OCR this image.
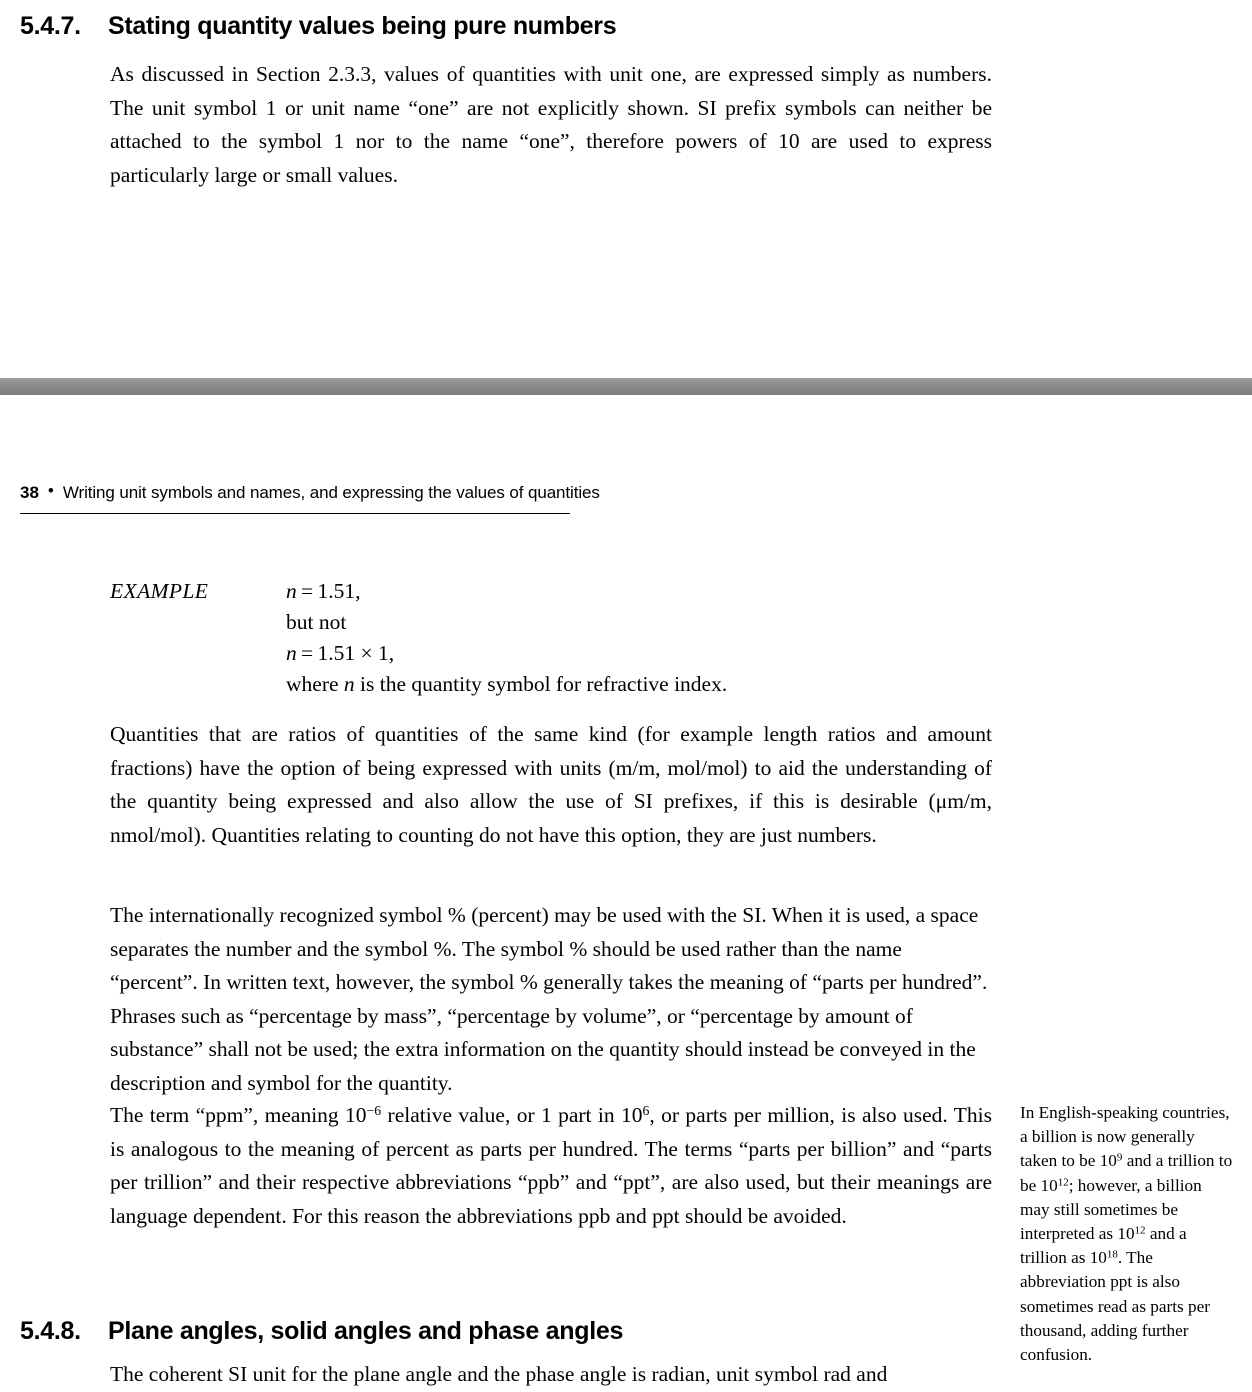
5.4.7.	Stating quantity values being pure numbers
As discussed in Section 2.3.3, values of quantities with unit one, are expressed simply as numbers. The unit symbol 1 or unit name “one” are not explicitly shown. SI prefix symbols can neither be attached to the symbol 1 nor to the name “one”, therefore powers of 10 are used to express particularly large or small values.
38 • Writing unit symbols and names, and expressing the values of quantities
EXAMPLE	n = 1.51,
but not
n = 1.51 × 1,
where n is the quantity symbol for refractive index.
Quantities that are ratios of quantities of the same kind (for example length ratios and amount fractions) have the option of being expressed with units (m/m, mol/mol) to aid the understanding of the quantity being expressed and also allow the use of SI prefixes, if this is desirable (μm/m, nmol/mol). Quantities relating to counting do not have this option, they are just numbers.
The internationally recognized symbol % (percent) may be used with the SI. When it is used, a space separates the number and the symbol %. The symbol % should be used rather than the name “percent”. In written text, however, the symbol % generally takes the meaning of “parts per hundred”. Phrases such as “percentage by mass”, “percentage by volume”, or “percentage by amount of substance” shall not be used; the extra information on the quantity should instead be conveyed in the description and symbol for the quantity.
The term “ppm”, meaning $10^{-6}$ relative value, or 1 part in $10^6$, or parts per million, is also used. This is analogous to the meaning of percent as parts per hundred. The terms “parts per billion” and “parts per trillion” and their respective abbreviations “ppb” and “ppt”, are also used, but their meanings are language dependent. For this reason the abbreviations ppb and ppt should be avoided.
In English-speaking countries, a billion is now generally taken to be $10^9$ and a trillion to be $10^{12}$; however, a billion may still sometimes be interpreted as $10^{12}$ and a trillion as $10^{18}$. The abbreviation ppt is also sometimes read as parts per thousand, adding further confusion.
5.4.8.	Plane angles, solid angles and phase angles
The coherent SI unit for the plane angle and the phase angle is radian, unit symbol rad and
